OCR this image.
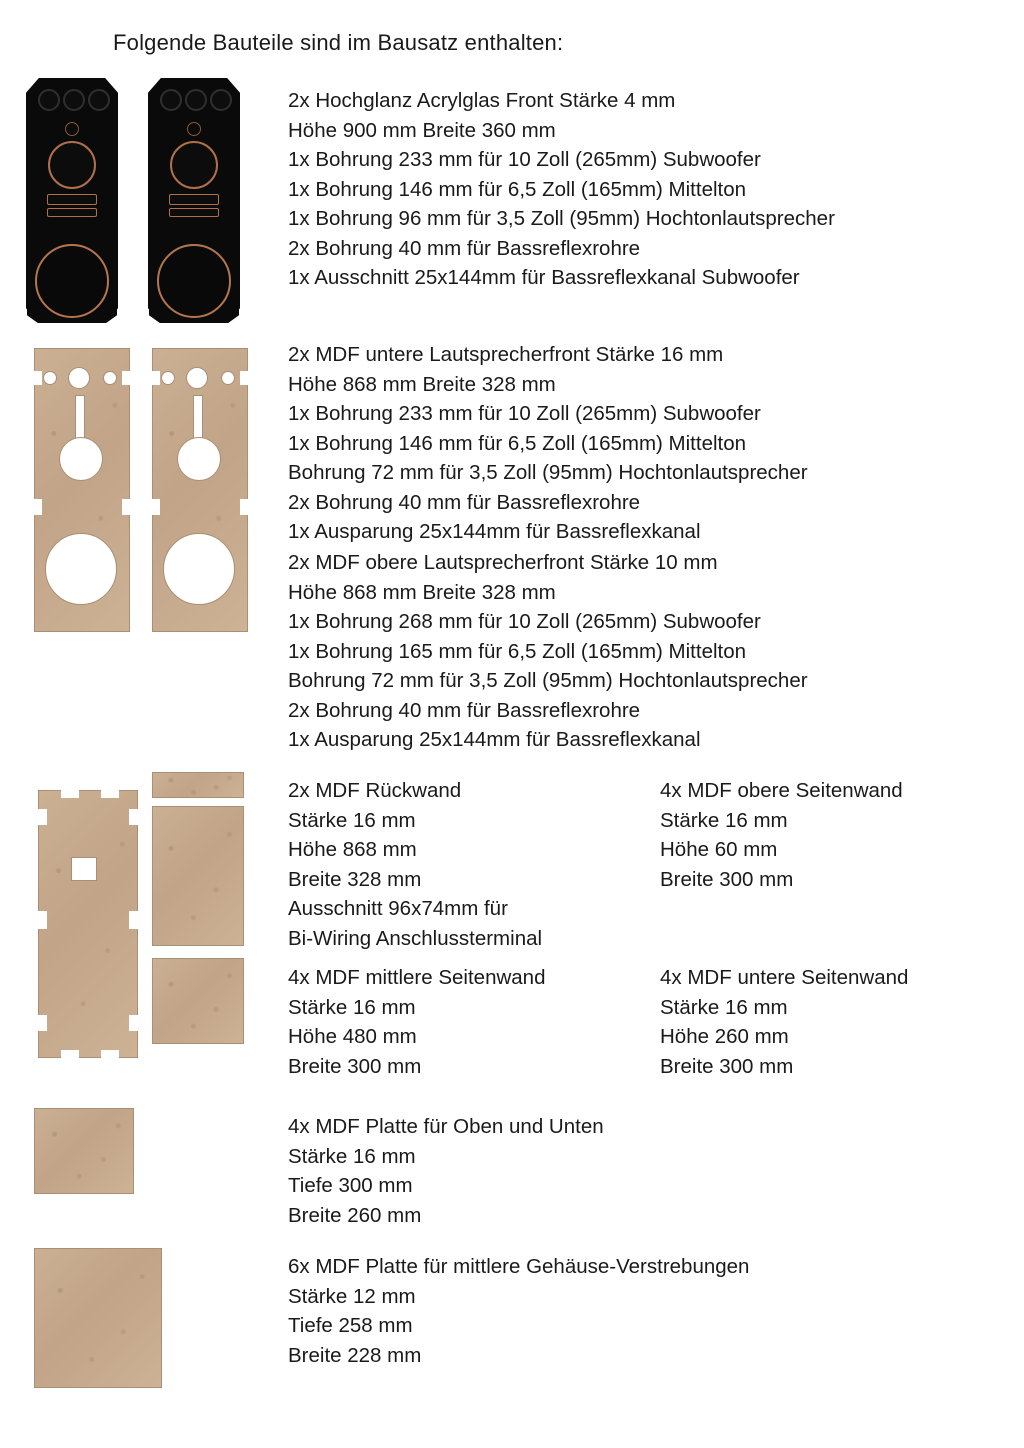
Folgende Bauteile sind im Bausatz enthalten:
2x Hochglanz Acrylglas Front Stärke 4 mm
Höhe 900 mm Breite 360 mm
1x Bohrung 233 mm für 10 Zoll (265mm) Subwoofer
1x Bohrung 146 mm für 6,5 Zoll (165mm) Mittelton
1x Bohrung 96 mm für 3,5 Zoll (95mm) Hochtonlautsprecher
2x Bohrung 40 mm für Bassreflexrohre
1x Ausschnitt 25x144mm für Bassreflexkanal Subwoofer
2x MDF untere Lautsprecherfront Stärke 16 mm
Höhe 868 mm Breite 328 mm
1x Bohrung 233 mm für 10 Zoll (265mm) Subwoofer
1x Bohrung 146 mm für 6,5 Zoll (165mm) Mittelton
Bohrung 72 mm für 3,5 Zoll (95mm) Hochtonlautsprecher
2x Bohrung 40 mm für Bassreflexrohre
1x Ausparung 25x144mm für Bassreflexkanal
2x MDF obere Lautsprecherfront Stärke 10 mm
Höhe 868 mm Breite 328 mm
1x Bohrung 268 mm für 10 Zoll (265mm) Subwoofer
1x Bohrung 165 mm für 6,5 Zoll (165mm) Mittelton
Bohrung 72 mm für 3,5 Zoll (95mm) Hochtonlautsprecher
2x Bohrung 40 mm für Bassreflexrohre
1x Ausparung 25x144mm für Bassreflexkanal
2x MDF Rückwand
Stärke 16 mm
Höhe 868 mm
Breite 328 mm
Ausschnitt 96x74mm für
Bi-Wiring Anschlussterminal
4x MDF obere Seitenwand
Stärke 16 mm
Höhe 60 mm
Breite 300 mm
4x MDF mittlere Seitenwand
Stärke 16 mm
Höhe 480 mm
Breite 300 mm
4x MDF untere Seitenwand
Stärke 16 mm
Höhe 260 mm
Breite 300 mm
4x MDF Platte für Oben und Unten
Stärke 16 mm
Tiefe 300 mm
Breite 260 mm
6x MDF Platte für mittlere Gehäuse-Verstrebungen
Stärke 12 mm
Tiefe 258 mm
Breite 228 mm
